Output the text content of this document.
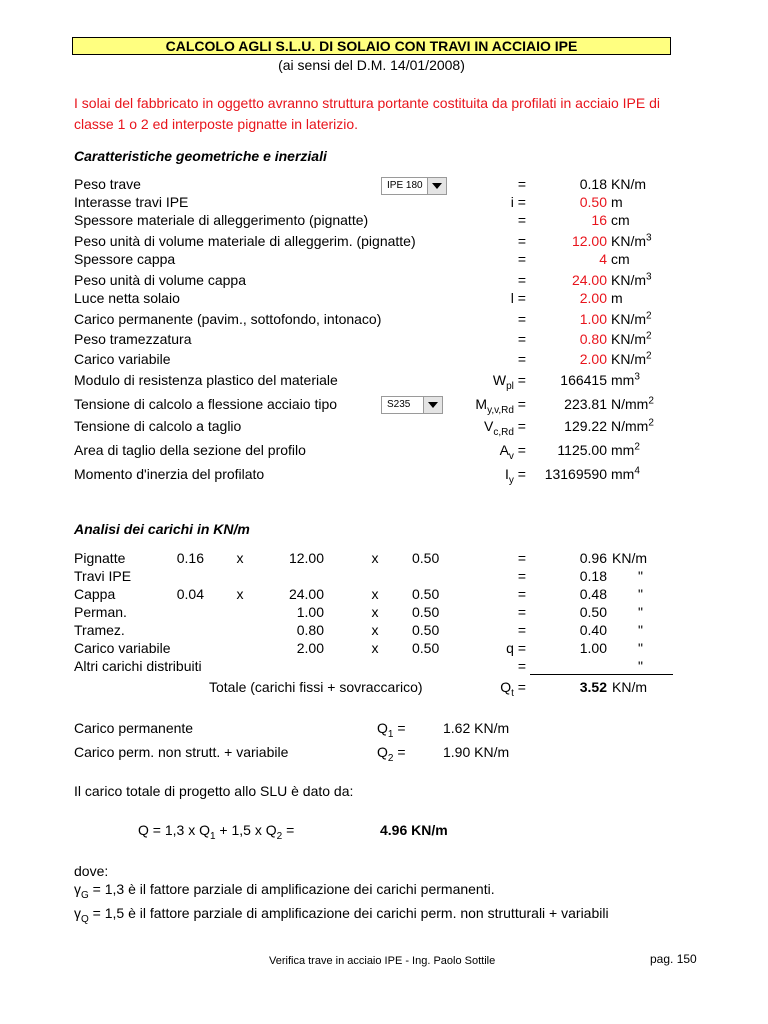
CALCOLO AGLI S.L.U. DI SOLAIO CON TRAVI IN ACCIAIO IPE
(ai sensi del D.M. 14/01/2008)
I solai del fabbricato in oggetto avranno struttura portante costituita da profilati in acciaio IPE di classe 1 o 2 ed interposte pignatte in laterizio.
Caratteristiche geometriche e inerziali
Peso trave	=	0.18 KN/m
Interasse travi IPE	i =	0.50 m
Spessore materiale di alleggerimento (pignatte)	=	16 cm
Peso unità di volume materiale di alleggerim. (pignatte)	=	12.00 $KN/m^3$
Spessore cappa	=	4 cm
Peso unità di volume cappa	=	24.00 $KN/m^3$
Luce netta solaio	l =	2.00 m
Carico permanente (pavim., sottofondo, intonaco)	=	1.00 $KN/m^2$
Peso tramezzatura	=	0.80 $KN/m^2$
Carico variabile	=	2.00 $KN/m^2$
Modulo di resistenza plastico del materiale	$W_{pl}$ =	166415 $mm^3$
Tensione di calcolo a flessione acciaio tipo	$M_{y,v,Rd}$ =	223.81 $N/mm^2$
Tensione di calcolo a taglio	$V_{c,Rd}$ =	129.22 $N/mm^2$
Area di taglio della sezione del profilo	$A_v$ =	1125.00 $mm^2$
Momento d'inerzia del profilato	$I_y$ =	13169590 $mm^4$
IPE 180
S235
Analisi dei carichi in KN/m
Pignatte	0.16	x	12.00	x	0.50	=	0.96 KN/m
Travi IPE	=	0.18 "
Cappa	0.04	x	24.00	x	0.50	=	0.48 "
Perman.	1.00	x	0.50	=	0.50 "
Tramez.	0.80	x	0.50	=	0.40 "
Carico variabile	2.00	x	0.50	q =	1.00 "
Altri carichi distribuiti	=	"
Totale (carichi fissi + sovraccarico)	$Q_t$ =	3.52 KN/m
Carico permanente	$Q_1$ =	1.62 KN/m
Carico perm. non strutt. + variabile	$Q_2$ =	1.90 KN/m
Il carico totale di progetto allo SLU è dato da:
Q = 1,3 x $Q_1 + 1,5$ x $Q_2$ =	4.96 KN/m
dove:
$\gamma_G = 1,3$ è il fattore parziale di amplificazione dei carichi permanenti.
$\gamma_Q = 1,5$ è il fattore parziale di amplificazione dei carichi perm. non strutturali + variabili
Verifica trave in acciaio IPE - Ing. Paolo Sottile	pag. 150
